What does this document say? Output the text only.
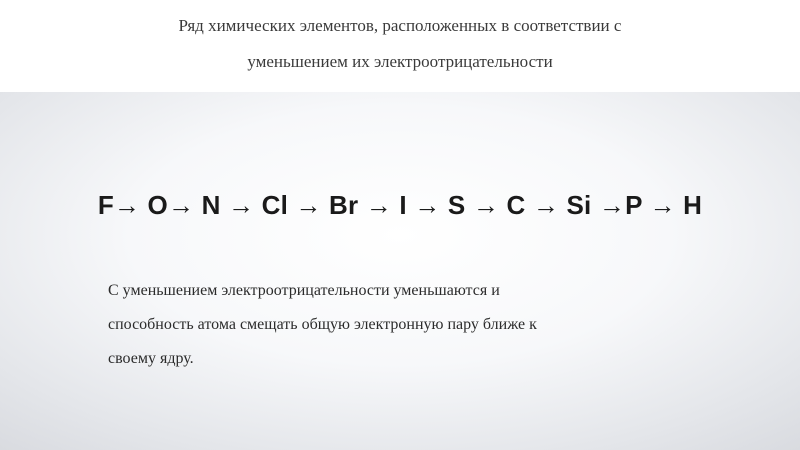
Ряд химических элементов, расположенных в соответствии с
уменьшением их электроотрицательности

F→ O→ N → Cl → Br → I → S → C → Si →P → H

С уменьшением электроотрицательности уменьшаются и
способность атома смещать общую электронную пару ближе к
своему ядру.
